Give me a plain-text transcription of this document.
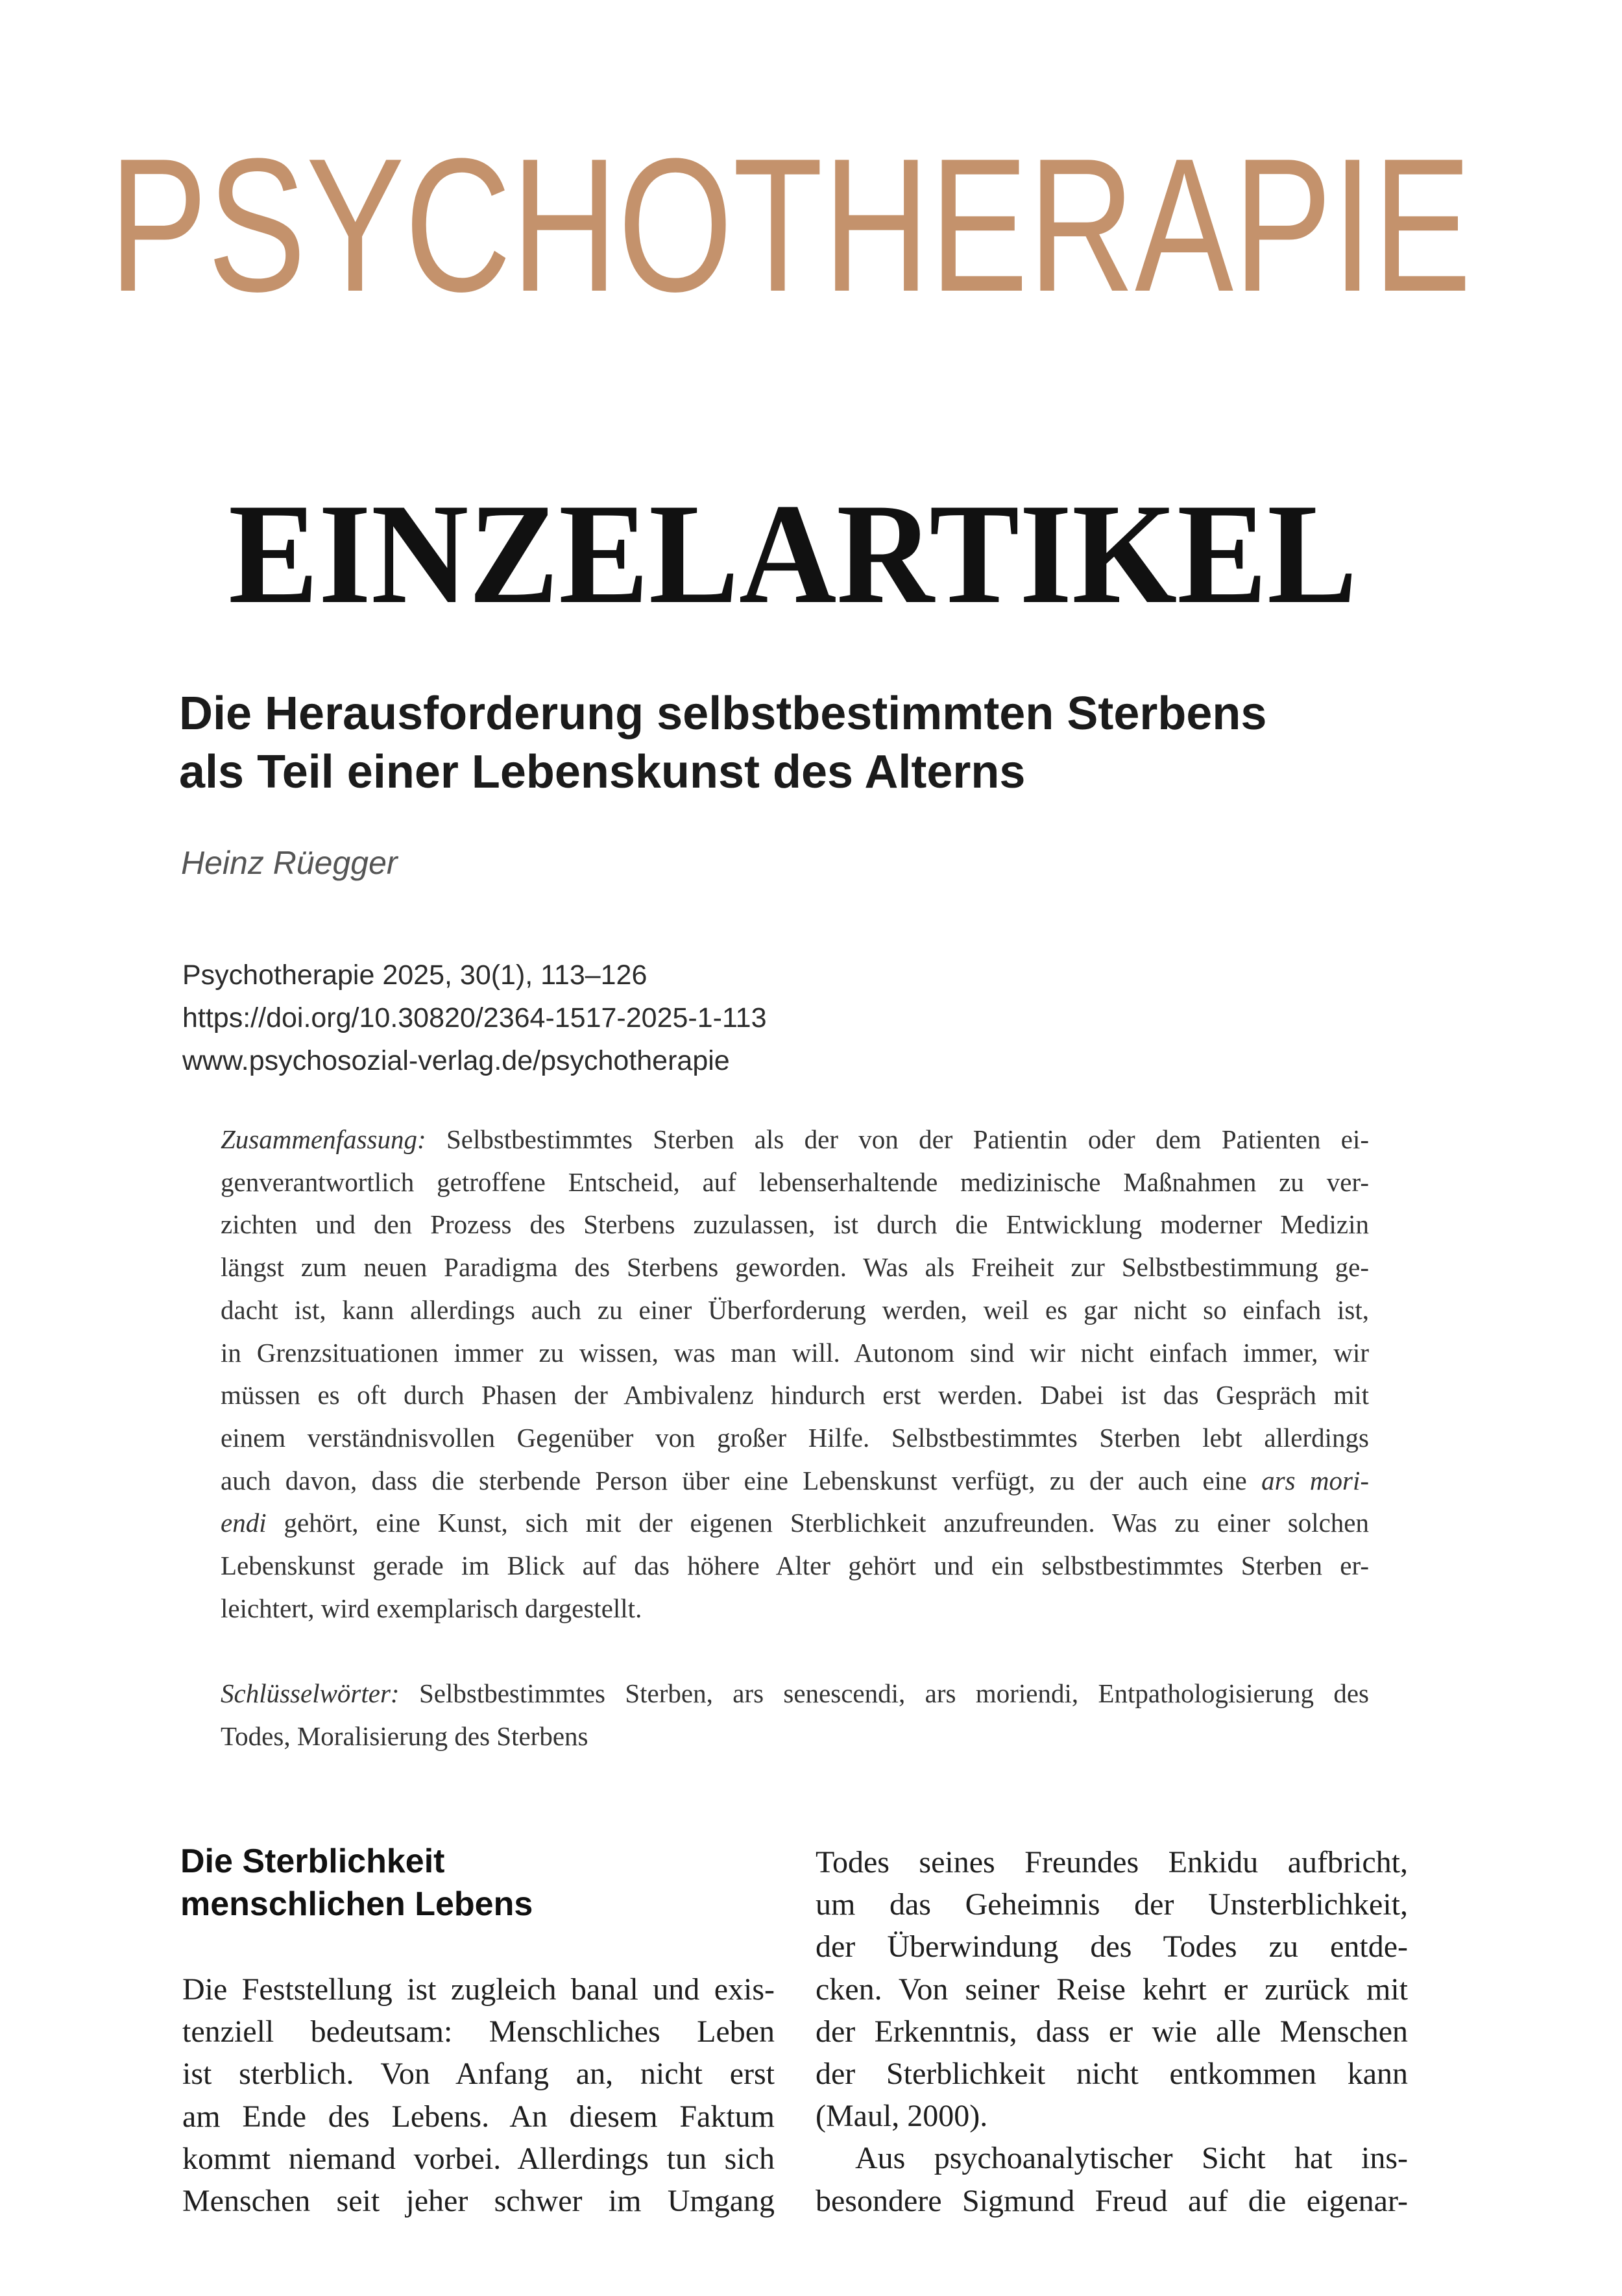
PSYCHOTHERAPIE
EINZELARTIKEL
Die Herausforderung selbstbestimmten Sterbens
als Teil einer Lebenskunst des Alterns
Heinz Rüegger
Psychotherapie 2025, 30(1), 113–126
https://doi.org/10.30820/2364-1517-2025-1-113
www.psychosozial-verlag.de/psychotherapie
Zusammenfassung: Selbstbestimmtes Sterben als der von der Patientin oder dem Patienten ei-
genverantwortlich getroffene Entscheid, auf lebenserhaltende medizinische Maßnahmen zu ver-
zichten und den Prozess des Sterbens zuzulassen, ist durch die Entwicklung moderner Medizin
längst zum neuen Paradigma des Sterbens geworden. Was als Freiheit zur Selbstbestimmung ge-
dacht ist, kann allerdings auch zu einer Überforderung werden, weil es gar nicht so einfach ist,
in Grenzsituationen immer zu wissen, was man will. Autonom sind wir nicht einfach immer, wir
müssen es oft durch Phasen der Ambivalenz hindurch erst werden. Dabei ist das Gespräch mit
einem verständnisvollen Gegenüber von großer Hilfe. Selbstbestimmtes Sterben lebt allerdings
auch davon, dass die sterbende Person über eine Lebenskunst verfügt, zu der auch eine ars mori-
endi gehört, eine Kunst, sich mit der eigenen Sterblichkeit anzufreunden. Was zu einer solchen
Lebenskunst gerade im Blick auf das höhere Alter gehört und ein selbstbestimmtes Sterben er-
leichtert, wird exemplarisch dargestellt.
Schlüsselwörter: Selbstbestimmtes Sterben, ars senescendi, ars moriendi, Entpathologisierung des
Todes, Moralisierung des Sterbens
Die Sterblichkeit
menschlichen Lebens
Die Feststellung ist zugleich banal und exis-
tenziell bedeutsam: Menschliches Leben
ist sterblich. Von Anfang an, nicht erst
am Ende des Lebens. An diesem Faktum
kommt niemand vorbei. Allerdings tun sich
Menschen seit jeher schwer im Umgang
Todes seines Freundes Enkidu aufbricht,
um das Geheimnis der Unsterblichkeit,
der Überwindung des Todes zu entde-
cken. Von seiner Reise kehrt er zurück mit
der Erkenntnis, dass er wie alle Menschen
der Sterblichkeit nicht entkommen kann
(Maul, 2000).
Aus psychoanalytischer Sicht hat ins-
besondere Sigmund Freud auf die eigenar-
